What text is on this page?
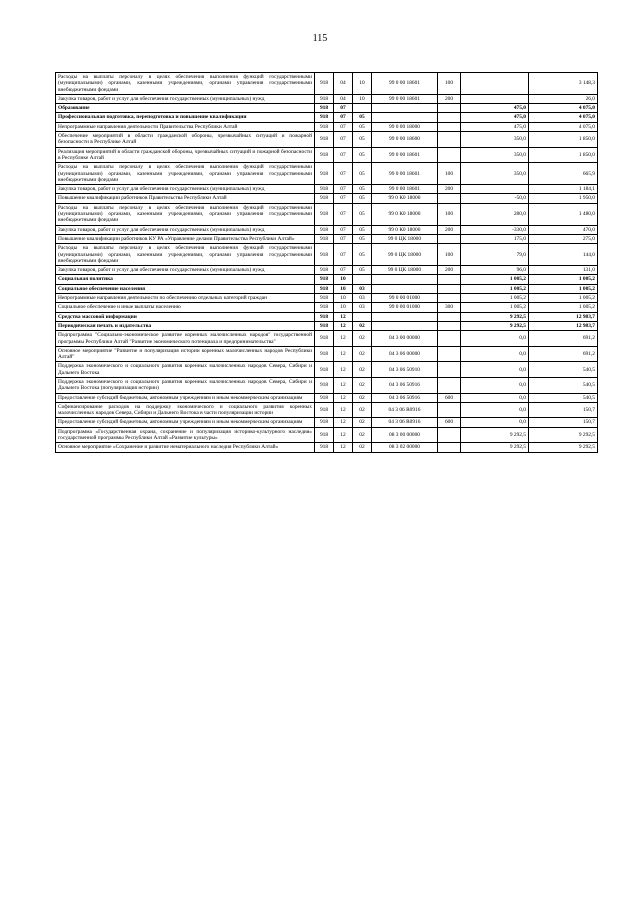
115
Расходы на выплаты персоналу в целях обеспечения выполнения функций государственными (муниципальными) органами, казенными учреждениями, органами управления государственными внебюджетными фондами	918	04	10	99 0 00 18601	100		3 148,3
Закупка товаров, работ и услуг для обеспечения государственных (муниципальных) нужд	918	04	10	99 0 00 18601	200		26,0
Образование	918	07				475,0	4 075,0
Профессиональная подготовка, переподготовка и повышение квалификации	918	07	05			475,0	4 075,0
Непрограммные направления деятельности Правительства Республики Алтай	918	07	05	99 0 00 18000		475,0	4 075,0
Обеспечение мероприятий в области гражданской обороны, чрезвычайных ситуаций и пожарной безопасности в Республике Алтай	918	07	05	99 0 00 18600		350,0	1 850,0
Реализация мероприятий в области гражданской обороны, чрезвычайных ситуаций и пожарной безопасности в Республике Алтай	918	07	05	99 0 00 18601		350,0	1 850,0
Расходы на выплаты персоналу в целях обеспечения выполнения функций государственными (муниципальными) органами, казенными учреждениями, органами управления государственными внебюджетными фондами	918	07	05	99 0 00 18601	100	350,0	665,9
Закупка товаров, работ и услуг для обеспечения государственных (муниципальных) нужд	918	07	05	99 0 00 18601	200		1 184,1
Повышение квалификации работников Правительства Республики Алтай	918	07	05	99 0 К0 18000		-50,0	1 950,0
Расходы на выплаты персоналу в целях обеспечения выполнения функций государственными (муниципальными) органами, казенными учреждениями, органами управления государственными внебюджетными фондами	918	07	05	99 0 К0 18000	100	280,0	1 480,0
Закупка товаров, работ и услуг для обеспечения государственных (муниципальных) нужд	918	07	05	99 0 К0 18000	200	-330,0	470,0
Повышение квалификации работников КУ РА «Управление делами Правительства Республики Алтай»	918	07	05	99 0 ЦК 18000		175,0	275,0
Расходы на выплаты персоналу в целях обеспечения выполнения функций государственными (муниципальными) органами, казенными учреждениями, органами управления государственными внебюджетными фондами	918	07	05	99 0 ЦК 18000	100	79,0	144,0
Закупка товаров, работ и услуг для обеспечения государственных (муниципальных) нужд	918	07	05	99 0 ЦК 18000	200	96,0	131,0
Социальная политика	918	10				1 005,2	1 005,2
Социальное обеспечение населения	918	10	03			1 005,2	1 005,2
Непрограммные направления деятельности по обеспечению отдельных категорий граждан	918	10	03	99 0 00 01000		1 005,2	1 005,2
Социальное обеспечение и иные выплаты населению	918	10	03	99 0 00 01000	300	1 005,2	1 005,2
Средства массовой информации	918	12				9 292,5	12 983,7
Периодическая печать и издательства	918	12	02			9 292,5	12 983,7
Подпрограмма "Социально-экономическое развитие коренных малочисленных народов" государственной программы Республики Алтай "Развитие экономического потенциала и предпринимательства"	918	12	02	04 3 00 00000		0,0	691,2
Основное мероприятие "Развитие и популяризация истории коренных малочисленных народов Республики Алтай"	918	12	02	04 3 06 00000		0,0	691,2
Поддержка экономического и социального развития коренных малочисленных народов Севера, Сибири и Дальнего Востока	918	12	02	04 3 06 50910		0,0	540,5
Поддержка экономического и социального развития коренных малочисленных народов Севера, Сибири и Дальнего Востока (популяризация истории)	918	12	02	04 3 06 50916		0,0	540,5
Предоставление субсидий бюджетным, автономным учреждениям и иным некоммерческим организациям	918	12	02	04 3 06 50916	600	0,0	540,5
Софинансирование расходов на поддержку экономического и социального развития коренных малочисленных народов Севера, Сибири и Дальнего Востока в части популяризации истории	918	12	02	04 3 06 R0916		0,0	150,7
Предоставление субсидий бюджетным, автономным учреждениям и иным некоммерческим организациям	918	12	02	04 3 06 R0916	600	0,0	150,7
Подпрограмма «Государственная охрана, сохранение и популяризация историко-культурного наследия» государственной программы Республики Алтай «Развитие культуры»	918	12	02	08 3 00 00000		9 292,5	9 292,5
Основное мероприятие «Сохранение и развитие нематериального наследия Республики Алтай»	918	12	02	08 3 02 00000		9 292,5	9 292,5
